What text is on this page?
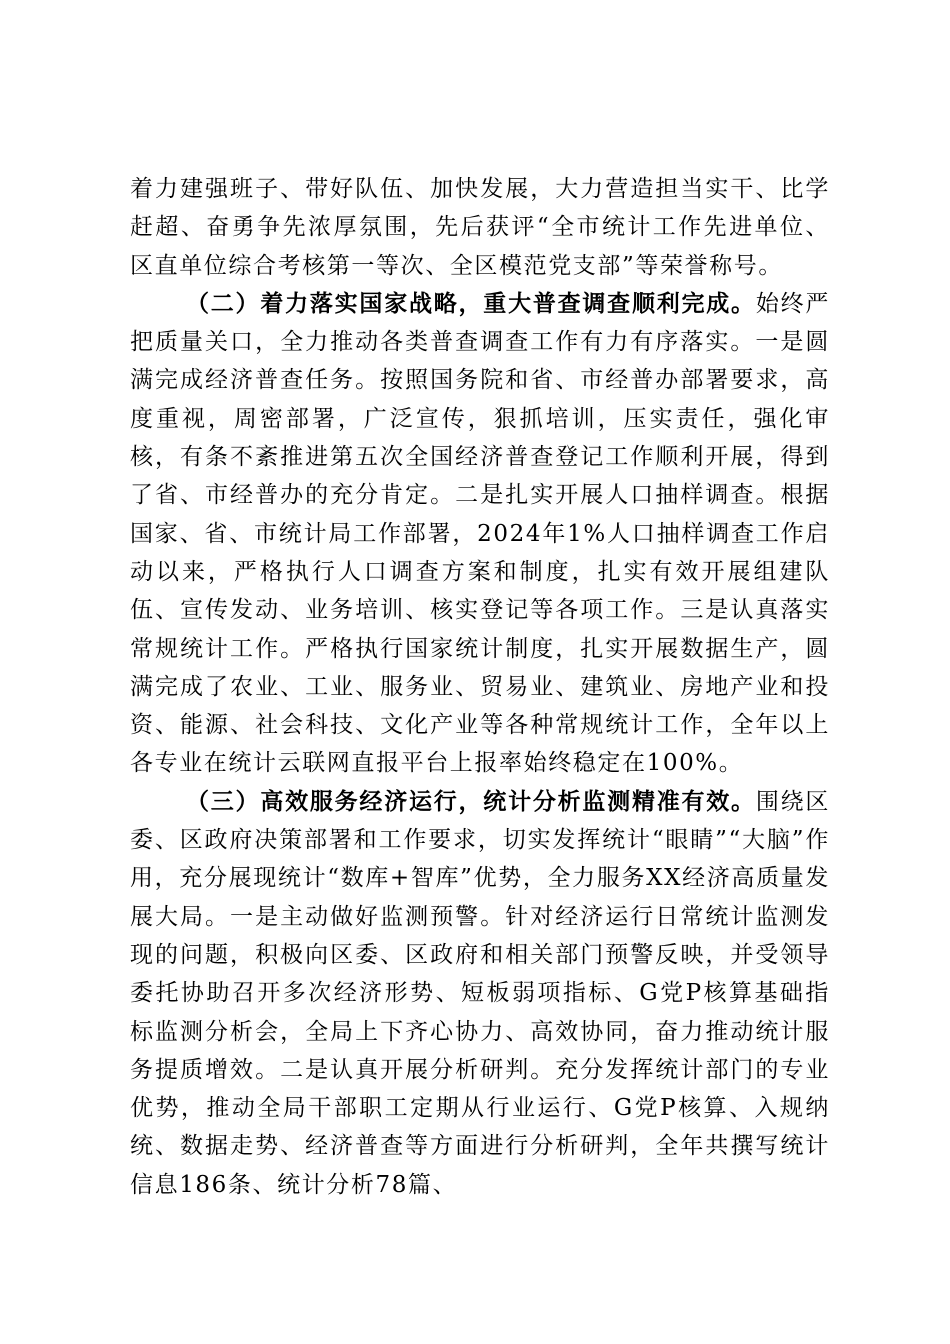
着力建强班子、带好队伍、加快发展，大力营造担当实干、比学赶超、奋勇争先浓厚氛围，先后获评“全市统计工作先进单位、区直单位综合考核第一等次、全区模范党支部”等荣誉称号。

（二）着力落实国家战略，重大普查调查顺利完成。始终严把质量关口，全力推动各类普查调查工作有力有序落实。一是圆满完成经济普查任务。按照国务院和省、市经普办部署要求，高度重视，周密部署，广泛宣传，狠抓培训，压实责任，强化审核，有条不紊推进第五次全国经济普查登记工作顺利开展，得到了省、市经普办的充分肯定。二是扎实开展人口抽样调查。根据国家、省、市统计局工作部署，2024年1%人口抽样调查工作启动以来，严格执行人口调查方案和制度，扎实有效开展组建队伍、宣传发动、业务培训、核实登记等各项工作。三是认真落实常规统计工作。严格执行国家统计制度，扎实开展数据生产，圆满完成了农业、工业、服务业、贸易业、建筑业、房地产业和投资、能源、社会科技、文化产业等各种常规统计工作，全年以上各专业在统计云联网直报平台上报率始终稳定在100%。

（三）高效服务经济运行，统计分析监测精准有效。围绕区委、区政府决策部署和工作要求，切实发挥统计“眼睛”“大脑”作用，充分展现统计“数库+智库”优势，全力服务XX经济高质量发展大局。一是主动做好监测预警。针对经济运行日常统计监测发现的问题，积极向区委、区政府和相关部门预警反映，并受领导委托协助召开多次经济形势、短板弱项指标、G党P核算基础指标监测分析会，全局上下齐心协力、高效协同，奋力推动统计服务提质增效。二是认真开展分析研判。充分发挥统计部门的专业优势，推动全局干部职工定期从行业运行、G党P核算、入规纳统、数据走势、经济普查等方面进行分析研判，全年共撰写统计信息186条、统计分析78篇、
